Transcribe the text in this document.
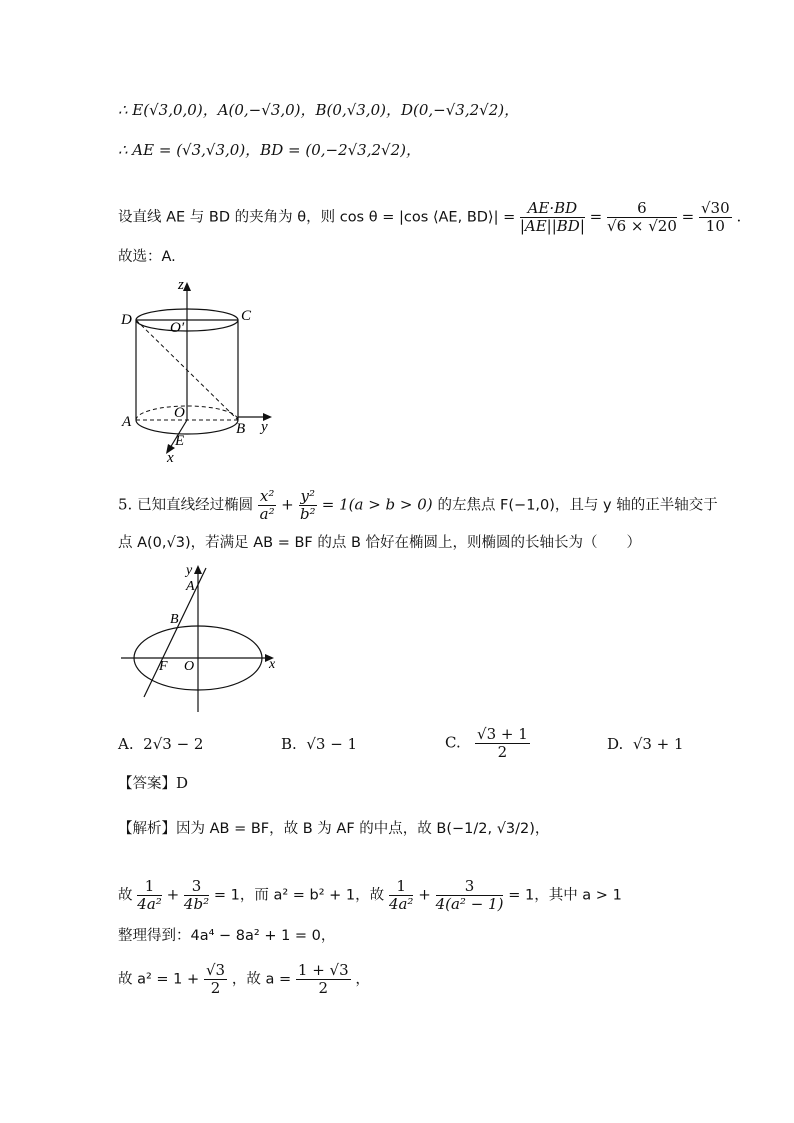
∴ E(√3,0,0)，A(0,−√3,0)，B(0,√3,0)，D(0,−√3,2√2)，
∴ AE = (√3,√3,0)，BD = (0,−2√3,2√2)，
设直线 AE 与 BD 的夹角为 θ，则 cos θ = |cos ⟨AE, BD⟩| = $\frac{AE\cdot BD}{|AE||BD|} = \frac{6}{√6 \times √20} = \frac{√30}{10}$ .
故选：A.
z
D	C
O′
O
A	B y
E
x
5. 已知直线经过椭圆 $\frac{\text{x²}}{\text{a²}} + \frac{\text{y²}}{\text{b²}} = 1(a > b > 0)$ 的左焦点 F(−1,0)，且与 y 轴的正半轴交于
点 A(0,√3)，若满足 AB = BF 的点 B 恰好在椭圆上，则椭圆的长轴长为（　　）
y
A
B
F O	x
A. 2√3 − 2	B. √3 − 1	C. $\frac{√3 + 1}{2}$	D. √3 + 1
【答案】D
【解析】因为 AB = BF，故 B 为 AF 的中点，故 B(−1/2, √3/2)，
故 $\frac{1}{\text{4a²}} + \frac{3}{\text{4b²}} = 1$，而 a² = b² + 1，故 $\frac{1}{\text{4a²}} + \frac{3}{\text{4(a² − 1)}} = 1$，其中 a > 1
整理得到：4a⁴ − 8a² + 1 = 0，
故 $a^2 = 1 + \frac{√3}{2}$ ，故 $a = \frac{1 + √3}{2}$ ，
